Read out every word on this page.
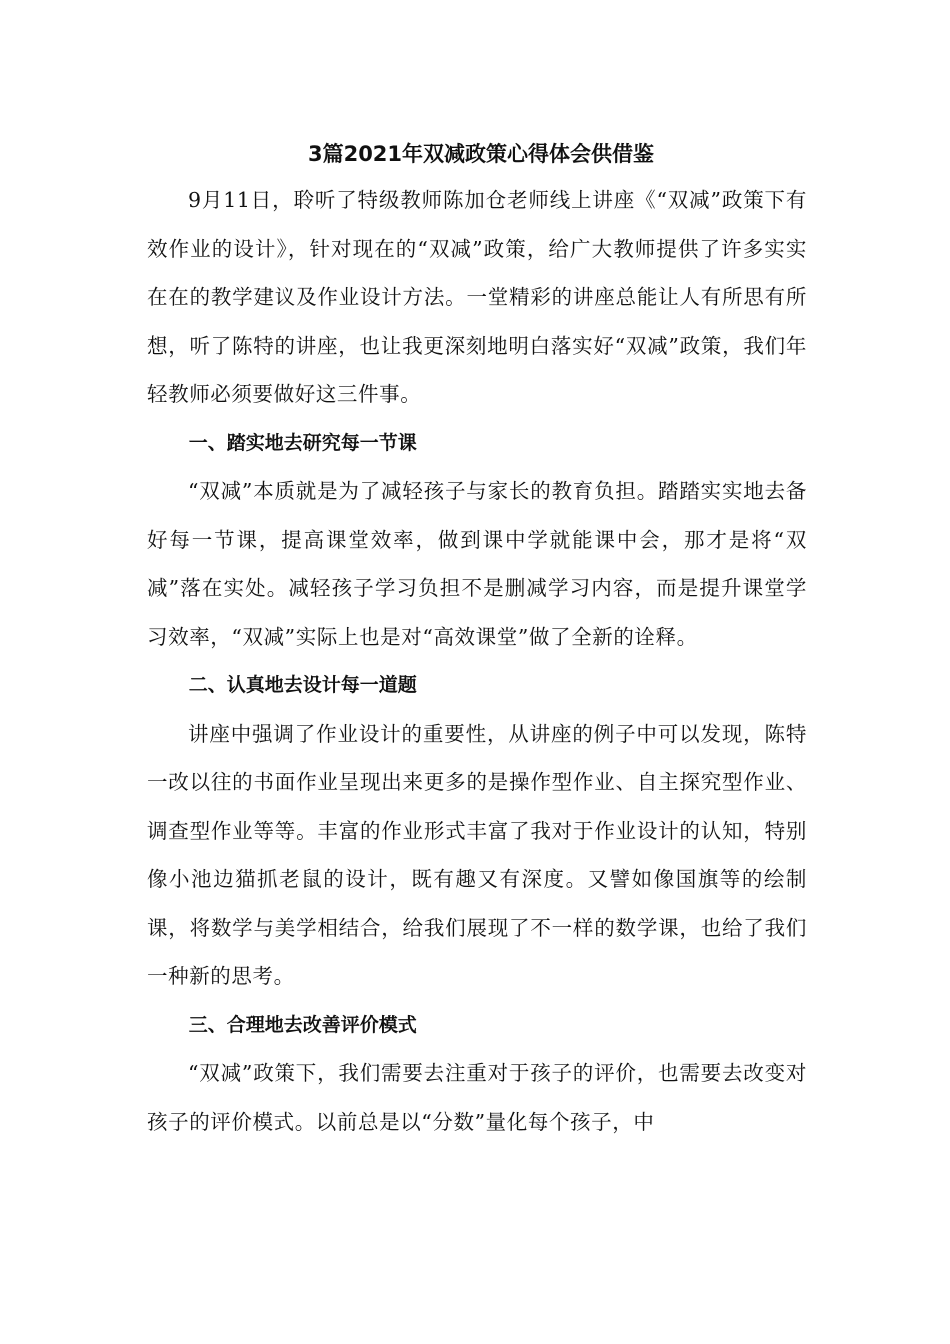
3篇2021年双减政策心得体会供借鉴

9月11日，聆听了特级教师陈加仓老师线上讲座《“双减”政策下有效作业的设计》，针对现在的“双减”政策，给广大教师提供了许多实实在在的教学建议及作业设计方法。一堂精彩的讲座总能让人有所思有所想，听了陈特的讲座，也让我更深刻地明白落实好“双减”政策，我们年轻教师必须要做好这三件事。

一、踏实地去研究每一节课

“双减”本质就是为了减轻孩子与家长的教育负担。踏踏实实地去备好每一节课，提高课堂效率，做到课中学就能课中会，那才是将“双减”落在实处。减轻孩子学习负担不是删减学习内容，而是提升课堂学习效率，“双减”实际上也是对“高效课堂”做了全新的诠释。

二、认真地去设计每一道题

讲座中强调了作业设计的重要性，从讲座的例子中可以发现，陈特一改以往的书面作业呈现出来更多的是操作型作业、自主探究型作业、调查型作业等等。丰富的作业形式丰富了我对于作业设计的认知，特别像小池边猫抓老鼠的设计，既有趣又有深度。又譬如像国旗等的绘制课，将数学与美学相结合，给我们展现了不一样的数学课，也给了我们一种新的思考。

三、合理地去改善评价模式

“双减”政策下，我们需要去注重对于孩子的评价，也需要去改变对孩子的评价模式。以前总是以“分数”量化每个孩子，中
